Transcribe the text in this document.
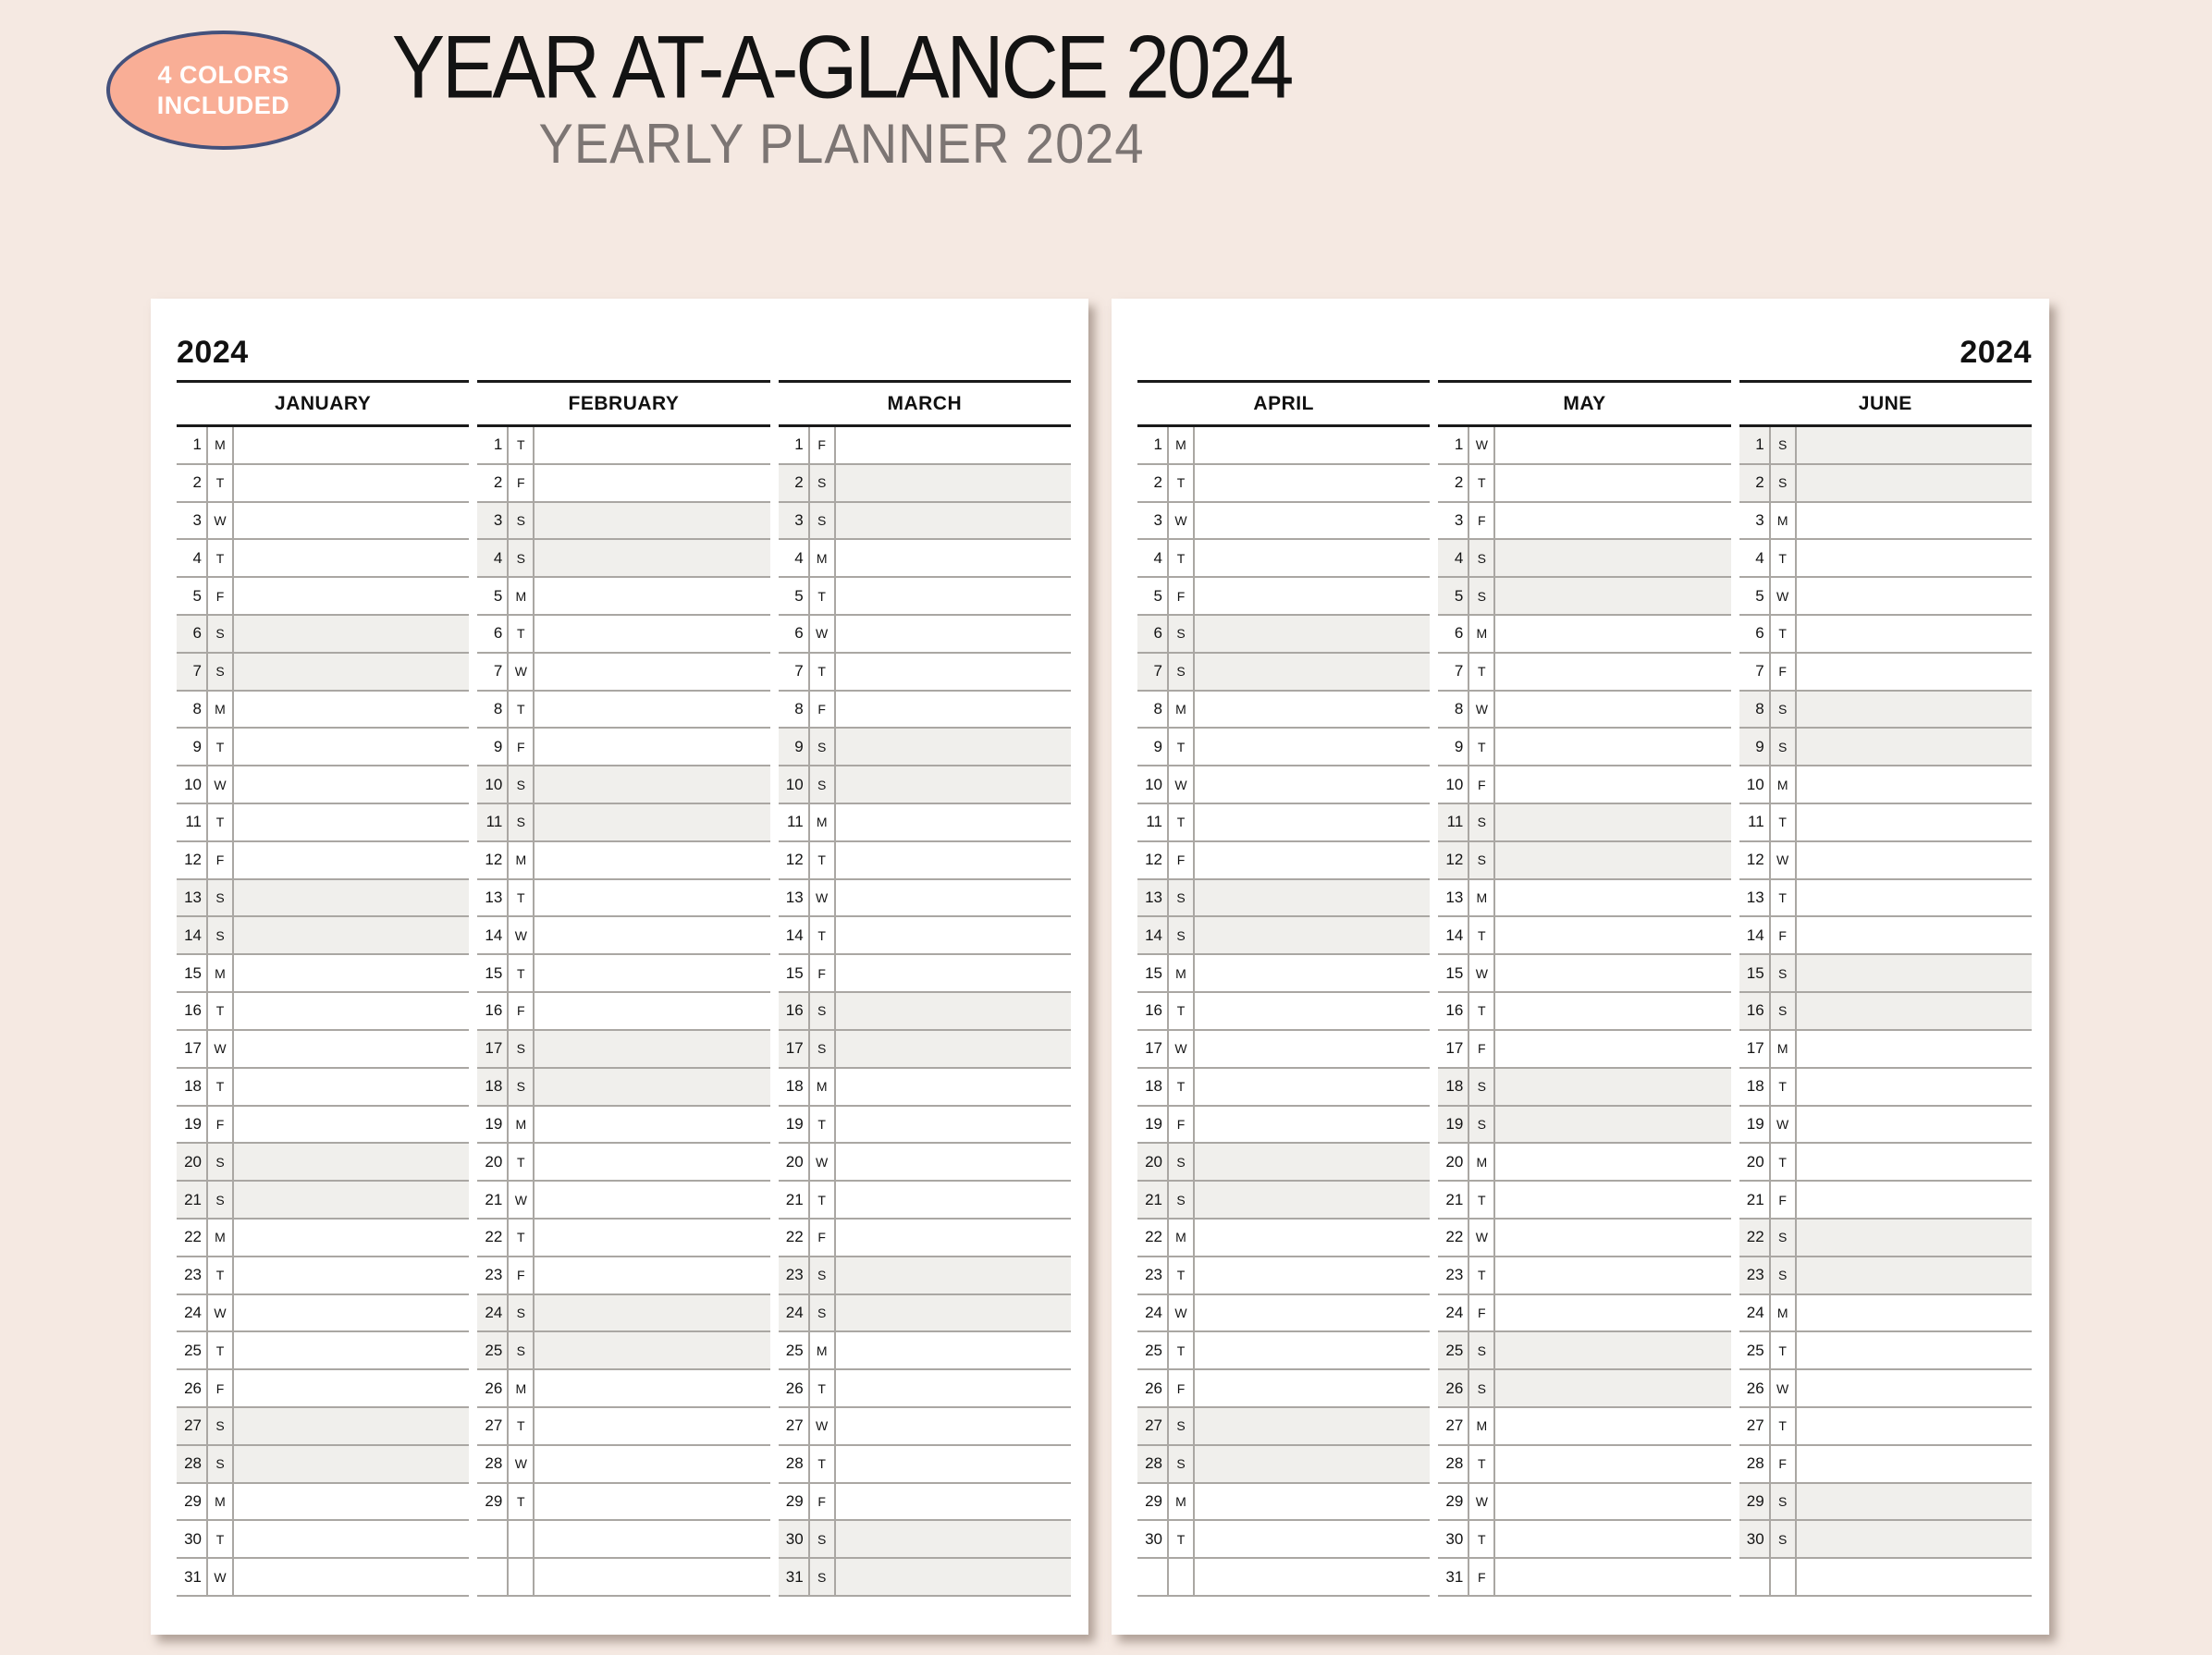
4 COLORS
INCLUDED	YEAR AT-A-GLANCE 2024
YEARLY PLANNER 2024
2024
JANUARY
1	M
2	T
3 W
4	T
5	F
6	S
7	S
8	M
9	T
10 W
11	T
12	F
13	S
14	S
15	M
16	T
17 W
18	T
19	F
20	S
21	S
22	M
23	T
24 W
25	T
26	F
27	S
28	S
29	M
30	T
31 W
FEBRUARY
1	T
2	F
3	S
4	S
5	M
6	T
7 W
8	T
9	F
10	S
11	S
12	M
13	T
14 W
15	T
16	F
17	S
18	S
19	M
20	T
21 W
22	T
23	F
24	S
25	S
26	M
27	T
28 W
29	T
MARCH
1	F
2	S
3	S
4	M
5	T
6 W
7	T
8	F
9	S
10	S
11	M
12	T
13 W
14	T
15	F
16	S
17	S
18	M
19	T
20 W
21	T
22	F
23	S
24	S
25	M
26	T
27 W
28	T
29	F
30	S
31	S
2024
APRIL
1	M
2	T
3 W
4	T
5	F
6	S
7	S
8	M
9	T
10 W
11	T
12	F
13	S
14	S
15	M
16	T
17 W
18	T
19	F
20	S
21	S
22	M
23	T
24 W
25	T
26	F
27	S
28	S
29	M
30	T
MAY
1 W
2	T
3	F
4	S
5	S
6	M
7	T
8 W
9	T
10	F
11	S
12	S
13	M
14	T
15 W
16	T
17	F
18	S
19	S
20	M
21	T
22 W
23	T
24	F
25	S
26	S
27	M
28	T
29 W
30	T
31	F
JUNE
1	S
2	S
3	M
4	T
5 W
6	T
7	F
8	S
9	S
10	M
11	T
12 W
13	T
14	F
15	S
16	S
17	M
18	T
19 W
20	T
21	F
22	S
23	S
24	M
25	T
26 W
27	T
28	F
29	S
30	S
